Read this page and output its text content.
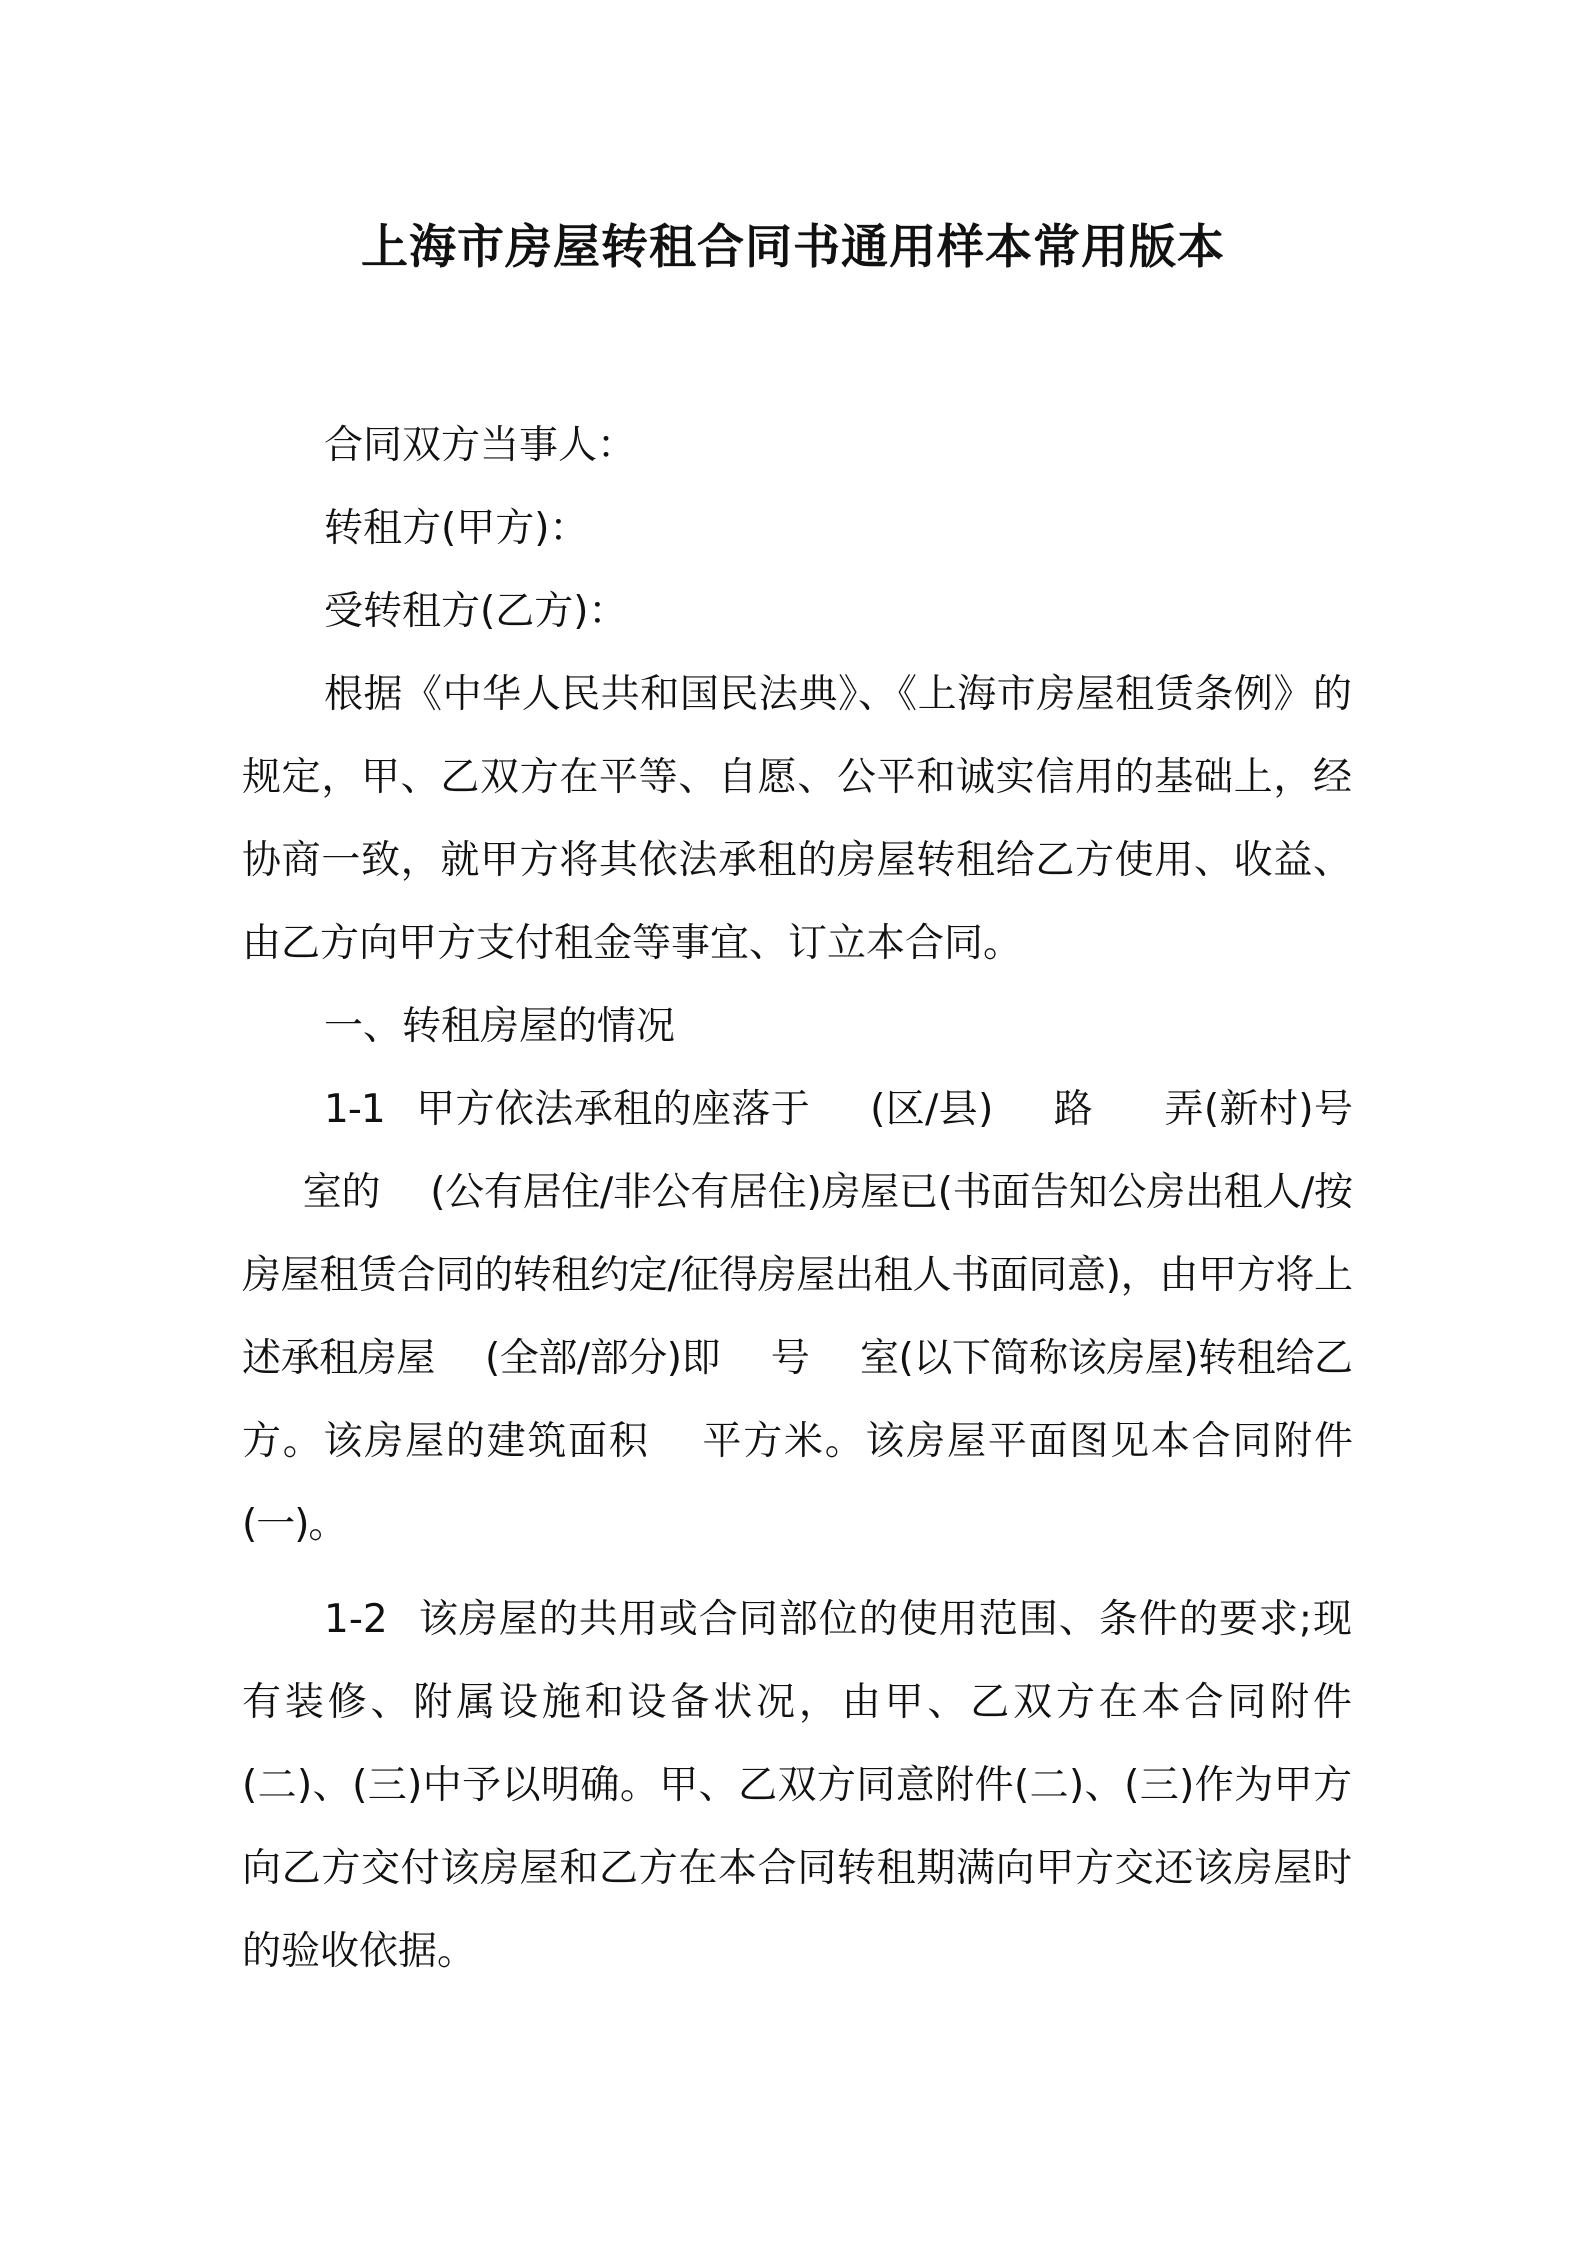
上海市房屋转租合同书通用样本常用版本

合同双方当事人：

转租方(甲方)：

受转租方(乙方)：

根据《中华人民共和国民法典》、《上海市房屋租赁条例》的规定，甲、乙双方在平等、自愿、公平和诚实信用的基础上，经协商一致，就甲方将其依法承租的房屋转租给乙方使用、收益、由乙方向甲方支付租金等事宜、订立本合同。

一、转租房屋的情况

1-1 甲方依法承租的座落于 (区/县) 路 弄(新村)号室的 (公有居住/非公有居住)房屋已(书面告知公房出租人/按房屋租赁合同的转租约定/征得房屋出租人书面同意)，由甲方将上述承租房屋 (全部/部分)即 号 室(以下简称该房屋)转租给乙方。该房屋的建筑面积 平方米。该房屋平面图见本合同附件(一)。

1-2 该房屋的共用或合同部位的使用范围、条件的要求;现有装修、附属设施和设备状况，由甲、乙双方在本合同附件(二)、(三)中予以明确。甲、乙双方同意附件(二)、(三)作为甲方向乙方交付该房屋和乙方在本合同转租期满向甲方交还该房屋时的验收依据。
